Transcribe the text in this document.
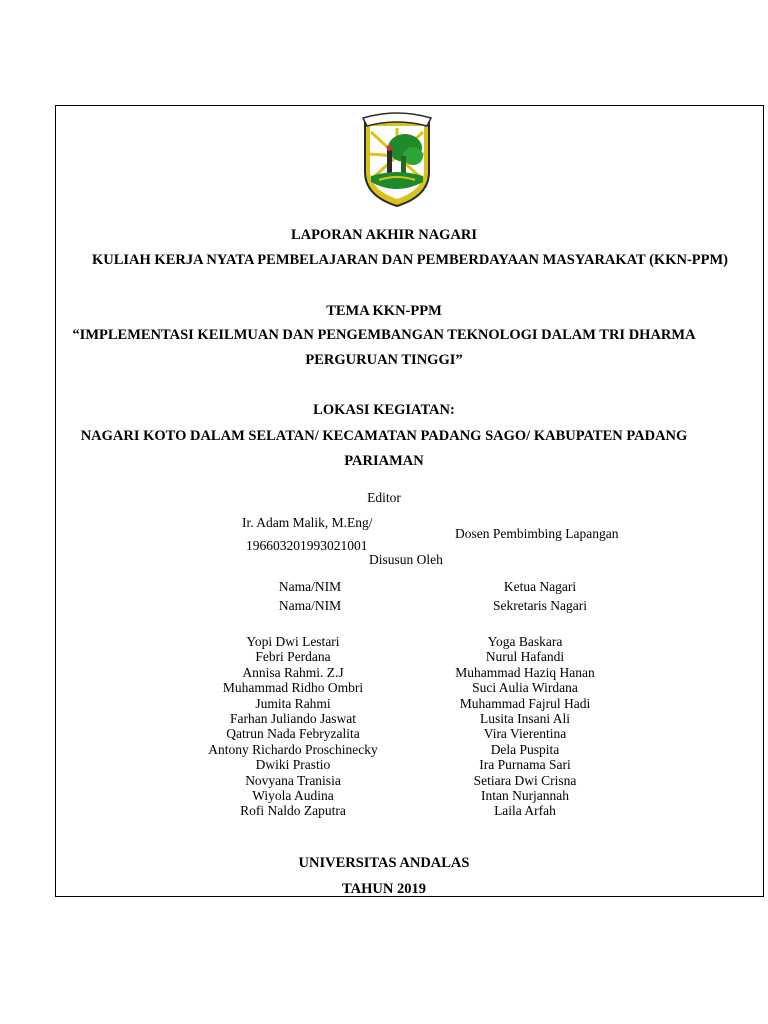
LAPORAN AKHIR NAGARI
KULIAH KERJA NYATA PEMBELAJARAN DAN PEMBERDAYAAN MASYARAKAT (KKN-PPM)
TEMA KKN-PPM
“IMPLEMENTASI KEILMUAN DAN PENGEMBANGAN TEKNOLOGI DALAM TRI DHARMA
PERGURUAN TINGGI”
LOKASI KEGIATAN:
NAGARI KOTO DALAM SELATAN/ KECAMATAN PADANG SAGO/ KABUPATEN PADANG
PARIAMAN
Editor
Ir. Adam Malik, M.Eng/
196603201993021001
Dosen Pembimbing Lapangan
Disusun Oleh
Nama/NIM
Nama/NIM
Ketua Nagari
Sekretaris Nagari
Yopi Dwi Lestari
Febri Perdana
Annisa Rahmi. Z.J
Muhammad Ridho Ombri
Jumita Rahmi
Farhan Juliando Jaswat
Qatrun Nada Febryzalita
Antony Richardo Proschinecky
Dwiki Prastio
Novyana Tranisia
Wiyola Audina
Rofi Naldo Zaputra
Yoga Baskara
Nurul Hafandi
Muhammad Haziq Hanan
Suci Aulia Wirdana
Muhammad Fajrul Hadi
Lusita Insani Ali
Vira Vierentina
Dela Puspita
Ira Purnama Sari
Setiara Dwi Crisna
Intan Nurjannah
Laila Arfah
UNIVERSITAS ANDALAS
TAHUN 2019
